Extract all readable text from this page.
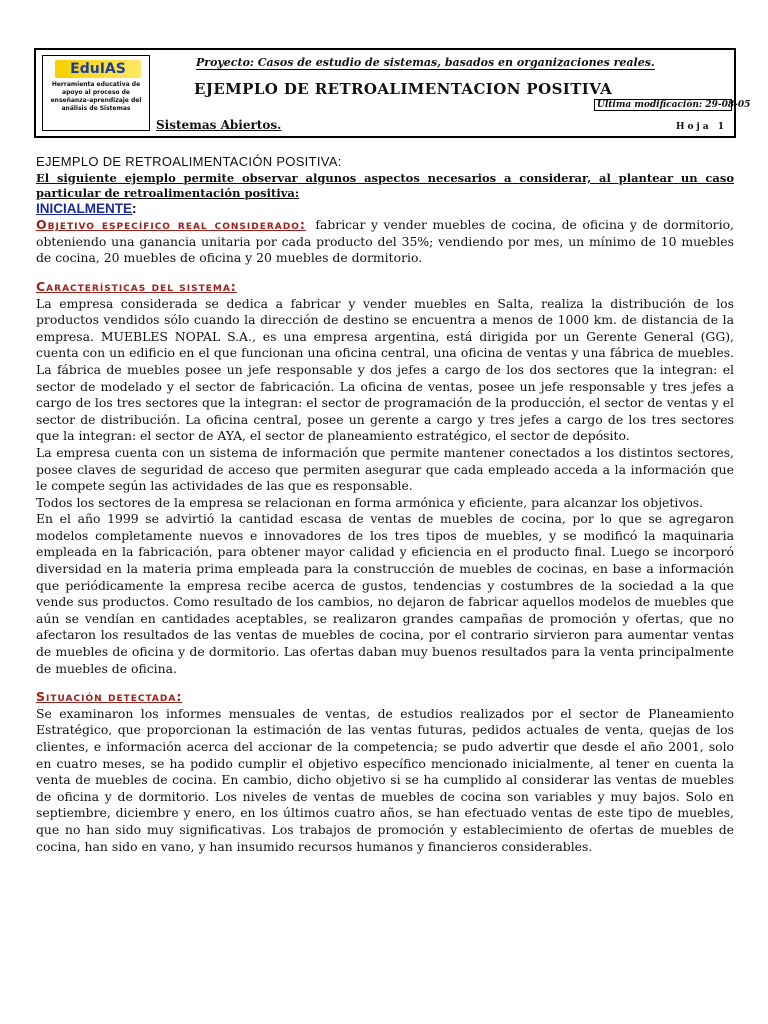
EduIAS
Herramienta educativa de apoyo al proceso de enseñanza-aprendizaje del análisis de Sistemas
Proyecto: Casos de estudio de sistemas, basados en organizaciones reales.
EJEMPLO DE RETROALIMENTACION POSITIVA
Ultima modificación: 29-08-05
Sistemas Abiertos.	Hoja 1

EJEMPLO DE RETROALIMENTACIÓN POSITIVA:

El siguiente ejemplo permite observar algunos aspectos necesarios a considerar, al plantear un caso particular de retroalimentación positiva:

INICIALMENTE:

Objetivo específico real considerado: fabricar y vender muebles de cocina, de oficina y de dormitorio, obteniendo una ganancia unitaria por cada producto del 35%; vendiendo por mes, un mínimo de 10 muebles de cocina, 20 muebles de oficina y 20 muebles de dormitorio.

Características del sistema:

La empresa considerada se dedica a fabricar y vender muebles en Salta, realiza la distribución de los productos vendidos sólo cuando la dirección de destino se encuentra a menos de 1000 km. de distancia de la empresa. MUEBLES NOPAL S.A., es una empresa argentina, está dirigida por un Gerente General (GG), cuenta con un edificio en el que funcionan una oficina central, una oficina de ventas y una fábrica de muebles. La fábrica de muebles posee un jefe responsable y dos jefes a cargo de los dos sectores que la integran: el sector de modelado y el sector de fabricación. La oficina de ventas, posee un jefe responsable y tres jefes a cargo de los tres sectores que la integran: el sector de programación de la producción, el sector de ventas y el sector de distribución. La oficina central, posee un gerente a cargo y tres jefes a cargo de los tres sectores que la integran: el sector de AYA, el sector de planeamiento estratégico, el sector de depósito.

La empresa cuenta con un sistema de información que permite mantener conectados a los distintos sectores, posee claves de seguridad de acceso que permiten asegurar que cada empleado acceda a la información que le compete según las actividades de las que es responsable.

Todos los sectores de la empresa se relacionan en forma armónica y eficiente, para alcanzar los objetivos.

En el año 1999 se advirtió la cantidad escasa de ventas de muebles de cocina, por lo que se agregaron modelos completamente nuevos e innovadores de los tres tipos de muebles, y se modificó la maquinaria empleada en la fabricación, para obtener mayor calidad y eficiencia en el producto final. Luego se incorporó diversidad en la materia prima empleada para la construcción de muebles de cocinas, en base a información que periódicamente la empresa recibe acerca de gustos, tendencias y costumbres de la sociedad a la que vende sus productos. Como resultado de los cambios, no dejaron de fabricar aquellos modelos de muebles que aún se vendían en cantidades aceptables, se realizaron grandes campañas de promoción y ofertas, que no afectaron los resultados de las ventas de muebles de cocina, por el contrario sirvieron para aumentar ventas de muebles de oficina y de dormitorio. Las ofertas daban muy buenos resultados para la venta principalmente de muebles de oficina.

Situación detectada:

Se examinaron los informes mensuales de ventas, de estudios realizados por el sector de Planeamiento Estratégico, que proporcionan la estimación de las ventas futuras, pedidos actuales de venta, quejas de los clientes, e información acerca del accionar de la competencia; se pudo advertir que desde el año 2001, solo en cuatro meses, se ha podido cumplir el objetivo específico mencionado inicialmente, al tener en cuenta la venta de muebles de cocina. En cambio, dicho objetivo si se ha cumplido al considerar las ventas de muebles de oficina y de dormitorio. Los niveles de ventas de muebles de cocina son variables y muy bajos. Solo en septiembre, diciembre y enero, en los últimos cuatro años, se han efectuado ventas de este tipo de muebles, que no han sido muy significativas. Los trabajos de promoción y establecimiento de ofertas de muebles de cocina, han sido en vano, y han insumido recursos humanos y financieros considerables.
